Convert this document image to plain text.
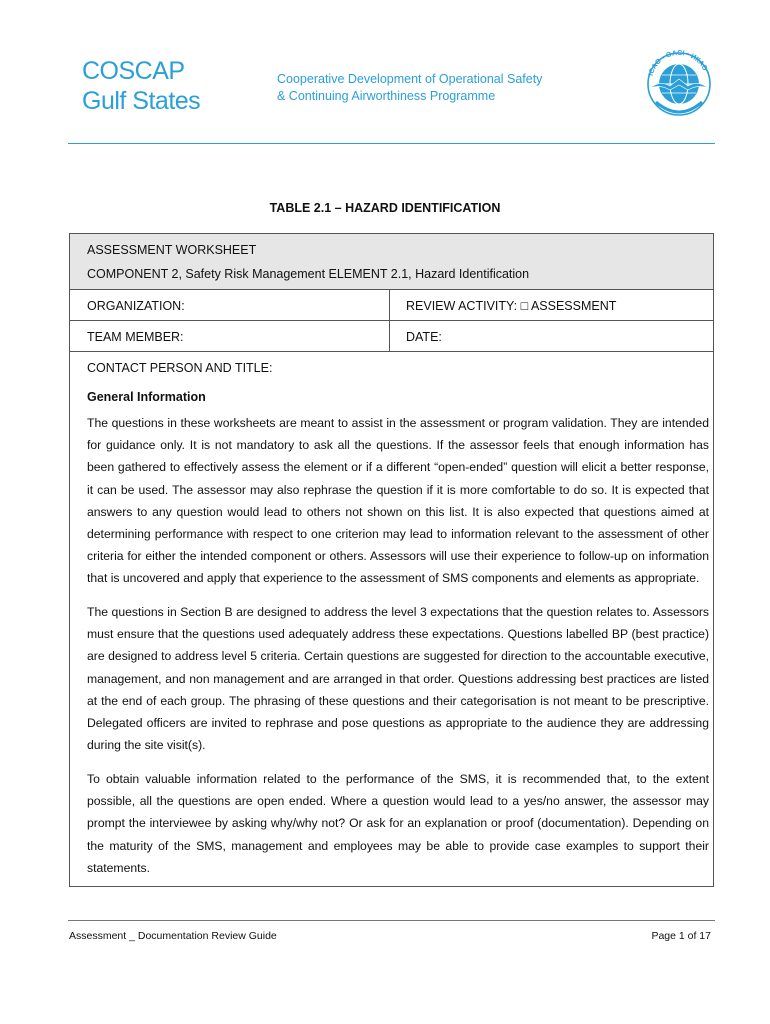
COSCAP
Gulf States
Cooperative Development of Operational Safety
& Continuing Airworthiness Programme
ICAO • OACI • ИКАО
TABLE 2.1 – HAZARD IDENTIFICATION
ASSESSMENT WORKSHEET
COMPONENT 2, Safety Risk Management ELEMENT 2.1, Hazard Identification
ORGANIZATION:	REVIEW ACTIVITY: □ ASSESSMENT
TEAM MEMBER:	DATE:
CONTACT PERSON AND TITLE:
General Information
The questions in these worksheets are meant to assist in the assessment or program validation. They are intended for guidance only. It is not mandatory to ask all the questions. If the assessor feels that enough information has been gathered to effectively assess the element or if a different “open-ended” question will elicit a better response, it can be used. The assessor may also rephrase the question if it is more comfortable to do so. It is expected that answers to any question would lead to others not shown on this list. It is also expected that questions aimed at determining performance with respect to one criterion may lead to information relevant to the assessment of other criteria for either the intended component or others. Assessors will use their experience to follow-up on information that is uncovered and apply that experience to the assessment of SMS components and elements as appropriate.
The questions in Section B are designed to address the level 3 expectations that the question relates to. Assessors must ensure that the questions used adequately address these expectations. Questions labelled BP (best practice) are designed to address level 5 criteria. Certain questions are suggested for direction to the accountable executive, management, and non management and are arranged in that order. Questions addressing best practices are listed at the end of each group. The phrasing of these questions and their categorisation is not meant to be prescriptive. Delegated officers are invited to rephrase and pose questions as appropriate to the audience they are addressing during the site visit(s).
To obtain valuable information related to the performance of the SMS, it is recommended that, to the extent possible, all the questions are open ended. Where a question would lead to a yes/no answer, the assessor may prompt the interviewee by asking why/why not? Or ask for an explanation or proof (documentation). Depending on the maturity of the SMS, management and employees may be able to provide case examples to support their statements.
Assessment _ Documentation Review Guide	Page 1 of 17
